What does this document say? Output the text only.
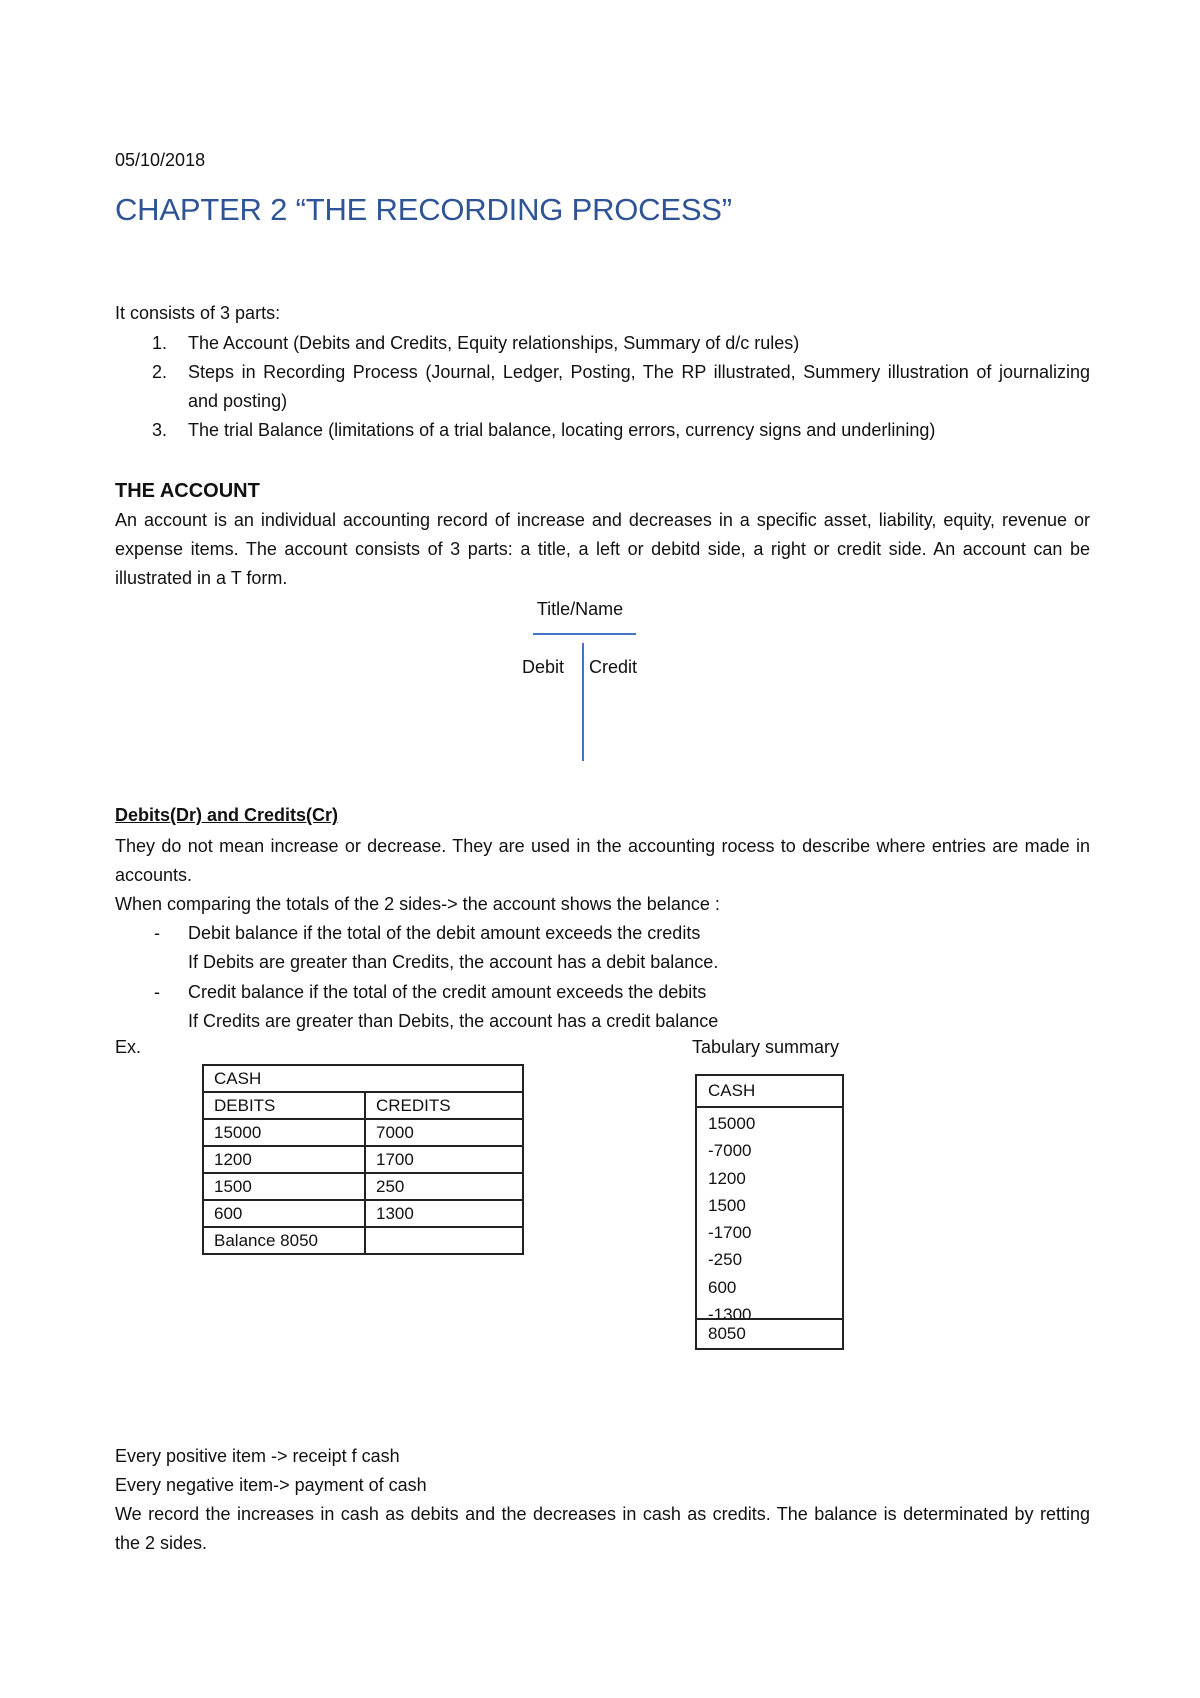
05/10/2018
CHAPTER 2 “THE RECORDING PROCESS”
It consists of 3 parts:
1. The Account (Debits and Credits, Equity relationships, Summary of d/c rules)
2. Steps in Recording Process (Journal, Ledger, Posting, The RP illustrated, Summery illustration of journalizing and posting)
3. The trial Balance (limitations of a trial balance, locating errors, currency signs and underlining)
THE ACCOUNT
An account is an individual accounting record of increase and decreases in a specific asset, liability, equity, revenue or expense items. The account consists of 3 parts: a title, a left or debitd side, a right or credit side. An account can be illustrated in a T form.
Title/Name
Debit Credit
Debits(Dr) and Credits(Cr)
They do not mean increase or decrease. They are used in the accounting rocess to describe where entries are made in accounts.
When comparing the totals of the 2 sides-> the account shows the belance :
- Debit balance if the total of the debit amount exceeds the credits
If Debits are greater than Credits, the account has a debit balance.
- Credit balance if the total of the credit amount exceeds the debits
If Credits are greater than Debits, the account has a credit balance
Ex.	Tabulary summary
CASH	
DEBITS	CREDITS
15000	7000
1200	1700
1500	250
600	1300
Balance 8050	
CASH
15000
-7000
1200
1500
-1700
-250
600
-1300
8050
Every positive item -> receipt f cash
Every negative item-> payment of cash
We record the increases in cash as debits and the decreases in cash as credits. The balance is determinated by retting the 2 sides.
